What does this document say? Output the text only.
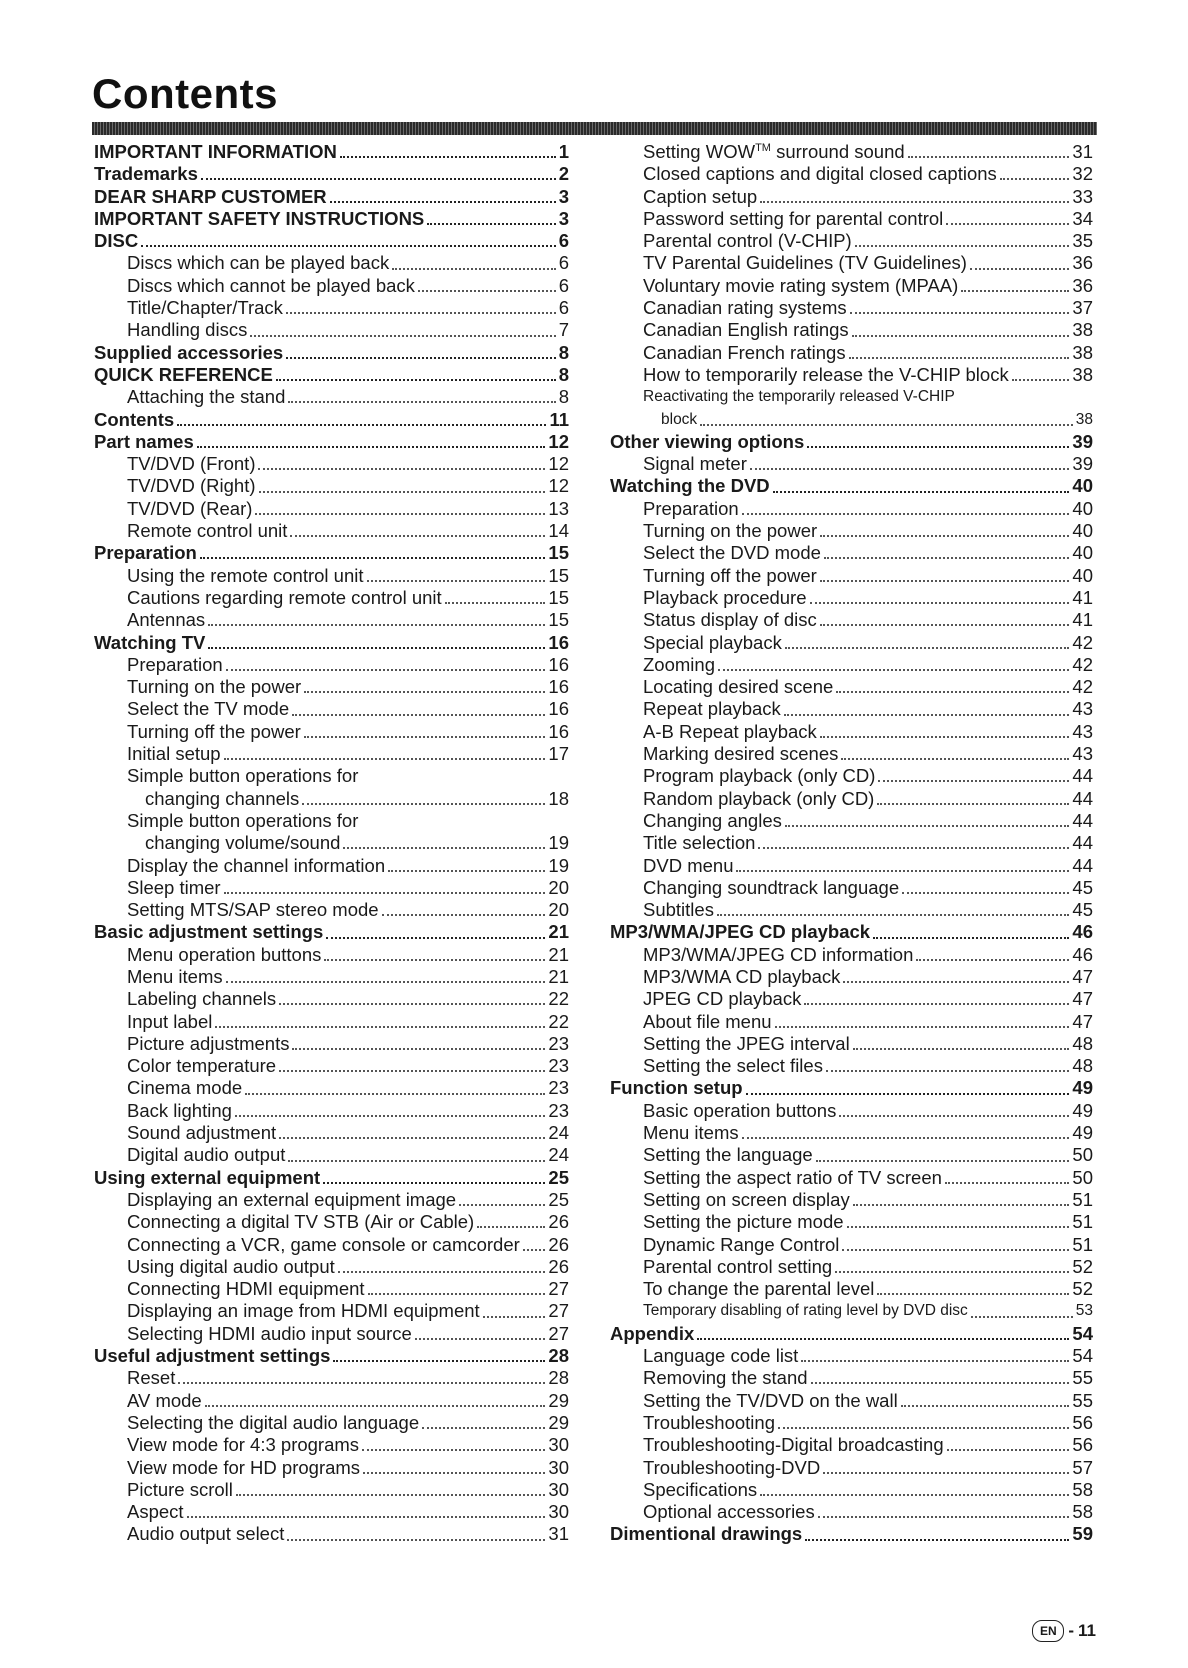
Contents
IMPORTANT INFORMATION	1
Trademarks	2
DEAR SHARP CUSTOMER	3
IMPORTANT SAFETY INSTRUCTIONS	3
DISC	6
Discs which can be played back	6
Discs which cannot be played back	6
Title/Chapter/Track	6
Handling discs	7
Supplied accessories	8
QUICK REFERENCE	8
Attaching the stand	8
Contents	11
Part names	12
TV/DVD (Front)	12
TV/DVD (Right)	12
TV/DVD (Rear)	13
Remote control unit	14
Preparation	15
Using the remote control unit	15
Cautions regarding remote control unit	15
Antennas	15
Watching TV	16
Preparation	16
Turning on the power	16
Select the TV mode	16
Turning off the power	16
Initial setup	17
Simple button operations for
changing channels	18
Simple button operations for
changing volume/sound	19
Display the channel information	19
Sleep timer	20
Setting MTS/SAP stereo mode	20
Basic adjustment settings	21
Menu operation buttons	21
Menu items	21
Labeling channels	22
Input label	22
Picture adjustments	23
Color temperature	23
Cinema mode	23
Back lighting	23
Sound adjustment	24
Digital audio output	24
Using external equipment	25
Displaying an external equipment image	25
Connecting a digital TV STB (Air or Cable)	26
Connecting a VCR, game console or camcorder 26
Using digital audio output	26
Connecting HDMI equipment	27
Displaying an image from HDMI equipment	27
Selecting HDMI audio input source	27
Useful adjustment settings	28
Reset	28
AV mode	29
Selecting the digital audio language	29
View mode for 4:3 programs	30
View mode for HD programs	30
Picture scroll	30
Aspect	30
Audio output select	31
Setting WOW™ surround sound	31
Closed captions and digital closed captions	32
Caption setup	33
Password setting for parental control	34
Parental control (V-CHIP)	35
TV Parental Guidelines (TV Guidelines)	36
Voluntary movie rating system (MPAA)	36
Canadian rating systems	37
Canadian English ratings	38
Canadian French ratings	38
How to temporarily release the V-CHIP block	38
Reactivating the temporarily released V-CHIP
block	38
Other viewing options	39
Signal meter	39
Watching the DVD	40
Preparation	40
Turning on the power	40
Select the DVD mode	40
Turning off the power	40
Playback procedure	41
Status display of disc	41
Special playback	42
Zooming	42
Locating desired scene	42
Repeat playback	43
A-B Repeat playback	43
Marking desired scenes	43
Program playback (only CD)	44
Random playback (only CD)	44
Changing angles	44
Title selection	44
DVD menu	44
Changing soundtrack language	45
Subtitles	45
MP3/WMA/JPEG CD playback	46
MP3/WMA/JPEG CD information	46
MP3/WMA CD playback	47
JPEG CD playback	47
About file menu	47
Setting the JPEG interval	48
Setting the select files	48
Function setup	49
Basic operation buttons	49
Menu items	49
Setting the language	50
Setting the aspect ratio of TV screen	50
Setting on screen display	51
Setting the picture mode	51
Dynamic Range Control	51
Parental control setting	52
To change the parental level	52
Temporary disabling of rating level by DVD disc	53
Appendix	54
Language code list	54
Removing the stand	55
Setting the TV/DVD on the wall	55
Troubleshooting	56
Troubleshooting-Digital broadcasting	56
Troubleshooting-DVD	57
Specifications	58
Optional accessories	58
Dimentional drawings	59
EN - 11
